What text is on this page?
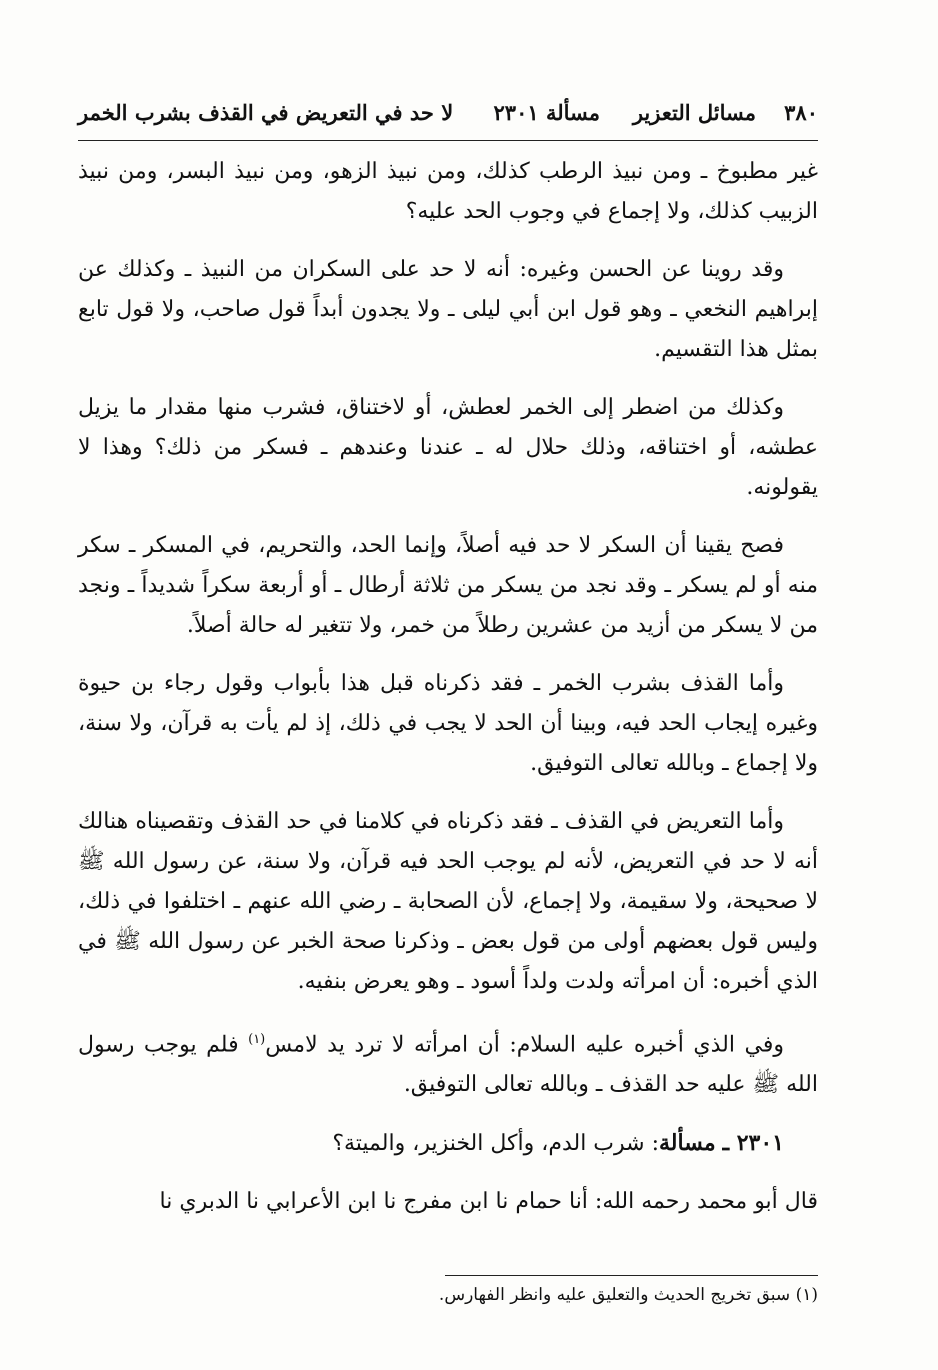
٣٨٠
مسائل التعزير
مسألة ٢٣٠١
لا حد في التعريض في القذف بشرب الخمر

غير مطبوخ ـ ومن نبيذ الرطب كذلك، ومن نبيذ الزهو، ومن نبيذ البسر، ومن نبيذ الزبيب كذلك، ولا إجماع في وجوب الحد عليه؟

وقد روينا عن الحسن وغيره: أنه لا حد على السكران من النبيذ ـ وكذلك عن إبراهيم النخعي ـ وهو قول ابن أبي ليلى ـ ولا يجدون أبداً قول صاحب، ولا قول تابع بمثل هذا التقسيم.

وكذلك من اضطر إلى الخمر لعطش، أو لاختناق، فشرب منها مقدار ما يزيل عطشه، أو اختناقه، وذلك حلال له ـ عندنا وعندهم ـ فسكر من ذلك؟ وهذا لا يقولونه.

فصح يقينا أن السكر لا حد فيه أصلاً، وإنما الحد، والتحريم، في المسكر ـ سكر منه أو لم يسكر ـ وقد نجد من يسكر من ثلاثة أرطال ـ أو أربعة سكراً شديداً ـ ونجد من لا يسكر من أزيد من عشرين رطلاً من خمر، ولا تتغير له حالة أصلاً.

وأما القذف بشرب الخمر ـ فقد ذكرناه قبل هذا بأبواب وقول رجاء بن حيوة وغيره إيجاب الحد فيه، وبينا أن الحد لا يجب في ذلك، إذ لم يأت به قرآن، ولا سنة، ولا إجماع ـ وبالله تعالى التوفيق.

وأما التعريض في القذف ـ فقد ذكرناه في كلامنا في حد القذف وتقصيناه هنالك أنه لا حد في التعريض، لأنه لم يوجب الحد فيه قرآن، ولا سنة، عن رسول الله ﷺ لا صحيحة، ولا سقيمة، ولا إجماع، لأن الصحابة ـ رضي الله عنهم ـ اختلفوا في ذلك، وليس قول بعضهم أولى من قول بعض ـ وذكرنا صحة الخبر عن رسول الله ﷺ في الذي أخبره: أن امرأته ولدت ولداً أسود ـ وهو يعرض بنفيه.

وفي الذي أخبره عليه السلام: أن امرأته لا ترد يد لامس$^{(١)}$ فلم يوجب رسول الله ﷺ عليه حد القذف ـ وبالله تعالى التوفيق.

٢٣٠١ ـ مسألة: شرب الدم، وأكل الخنزير، والميتة؟

قال أبو محمد رحمه الله: أنا حمام نا ابن مفرج نا ابن الأعرابي نا الدبري نا

(١) سبق تخريج الحديث والتعليق عليه وانظر الفهارس.
